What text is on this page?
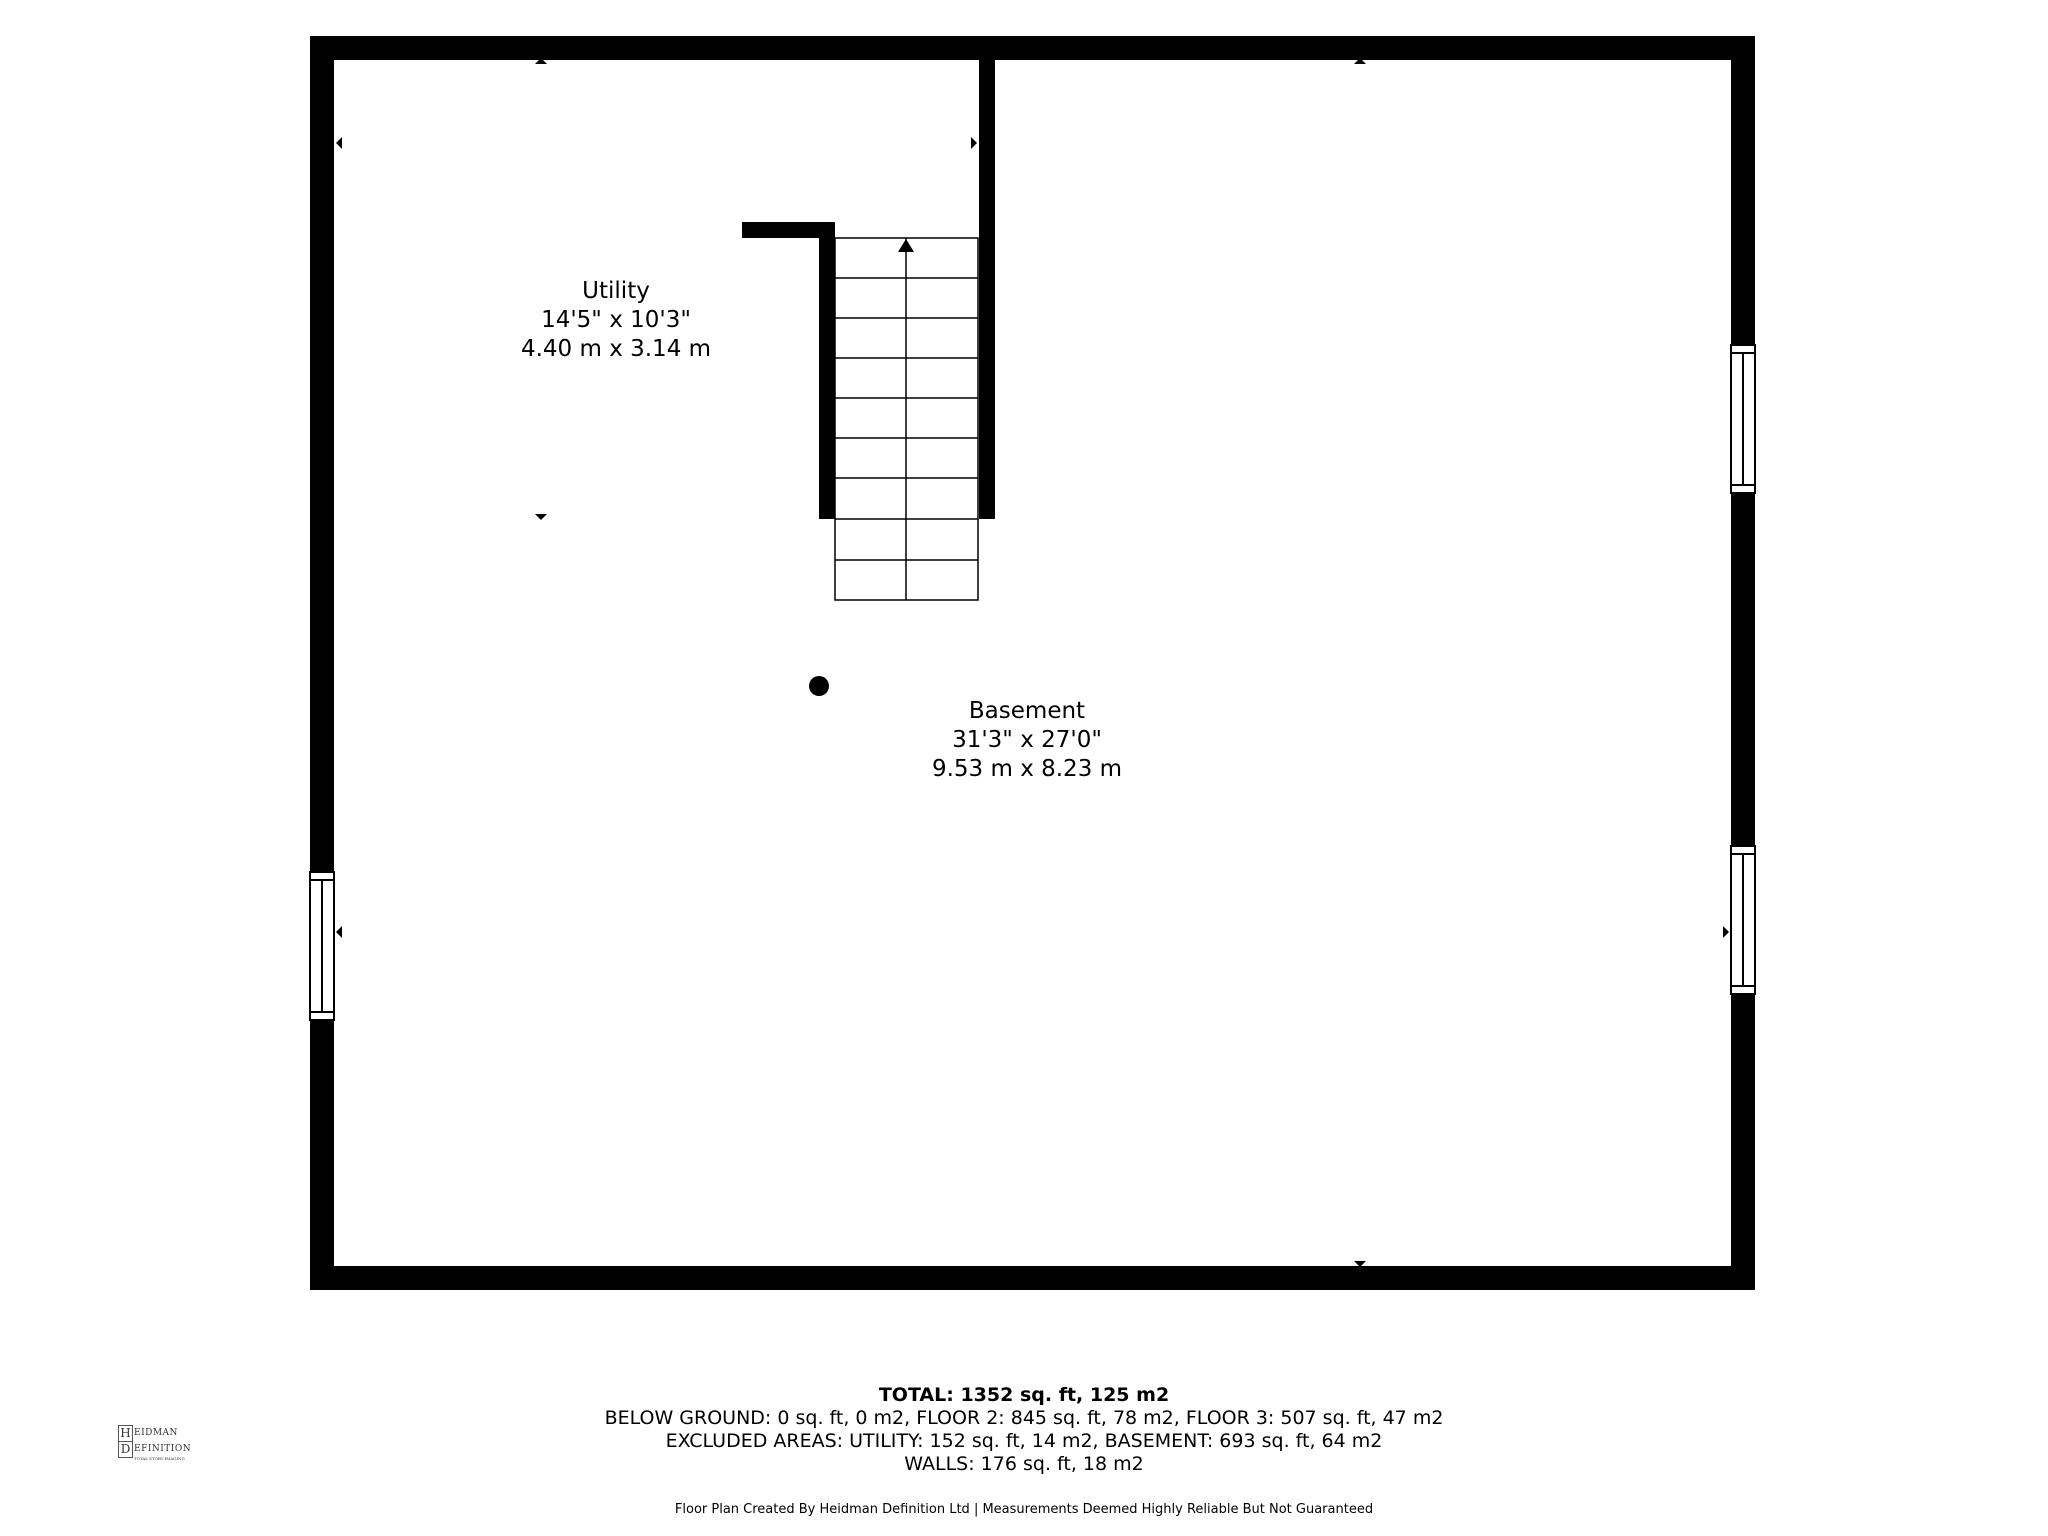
Utility
14'5" x 10'3"
4.40 m x 3.14 m
Basement
31'3" x 27'0"
9.53 m x 8.23 m
TOTAL: 1352 sq. ft, 125 m2
BELOW GROUND: 0 sq. ft, 0 m2, FLOOR 2: 845 sq. ft, 78 m2, FLOOR 3: 507 sq. ft, 47 m2
EXCLUDED AREAS: UTILITY: 152 sq. ft, 14 m2, BASEMENT: 693 sq. ft, 64 m2
WALLS: 176 sq. ft, 18 m2
Floor Plan Created By Heidman Definition Ltd | Measurements Deemed Highly Reliable But Not Guaranteed
H EIDMAN
D EFINITION
TOTAL STORY IMAGING
